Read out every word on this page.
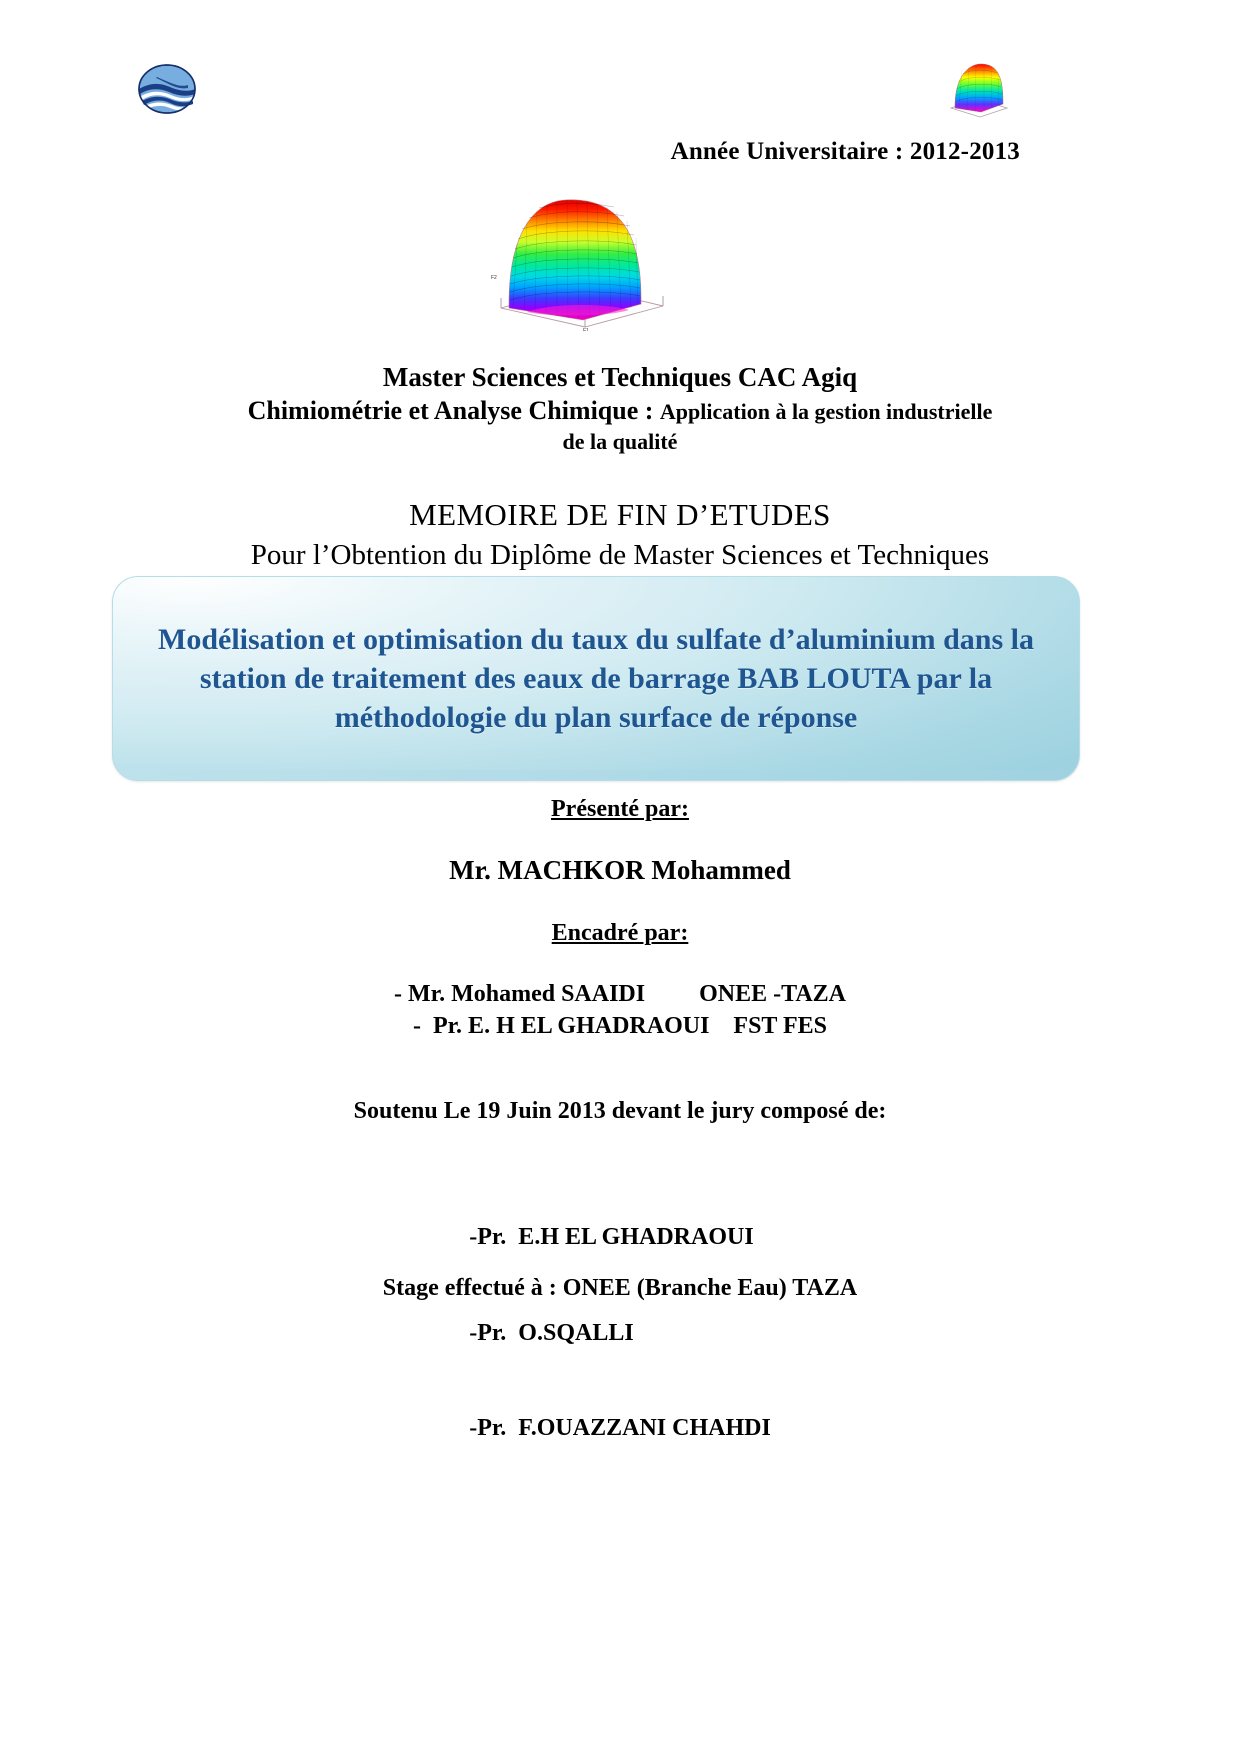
Année Universitaire : 2012-2013
F2
F1
Master Sciences et Techniques CAC Agiq
Chimiométrie et Analyse Chimique : Application à la gestion industrielle
de la qualité
MEMOIRE DE FIN D’ETUDES
Pour l’Obtention du Diplôme de Master Sciences et Techniques
Modélisation et optimisation du taux du sulfate d’aluminium dans la station de traitement des eaux de barrage BAB LOUTA par la méthodologie du plan surface de réponse
Présenté par:
Mr. MACHKOR Mohammed
Encadré par:
- Mr. Mohamed SAAIDI         ONEE -TAZA
-  Pr. E. H EL GHADRAOUI    FST FES
Soutenu Le 19 Juin 2013 devant le jury composé de:

-Pr.  E.H EL GHADRAOUI

-Pr.  O.SQALLI

-Pr.  F.OUAZZANI CHAHDI

Stage effectué à : ONEE (Branche Eau) TAZA
